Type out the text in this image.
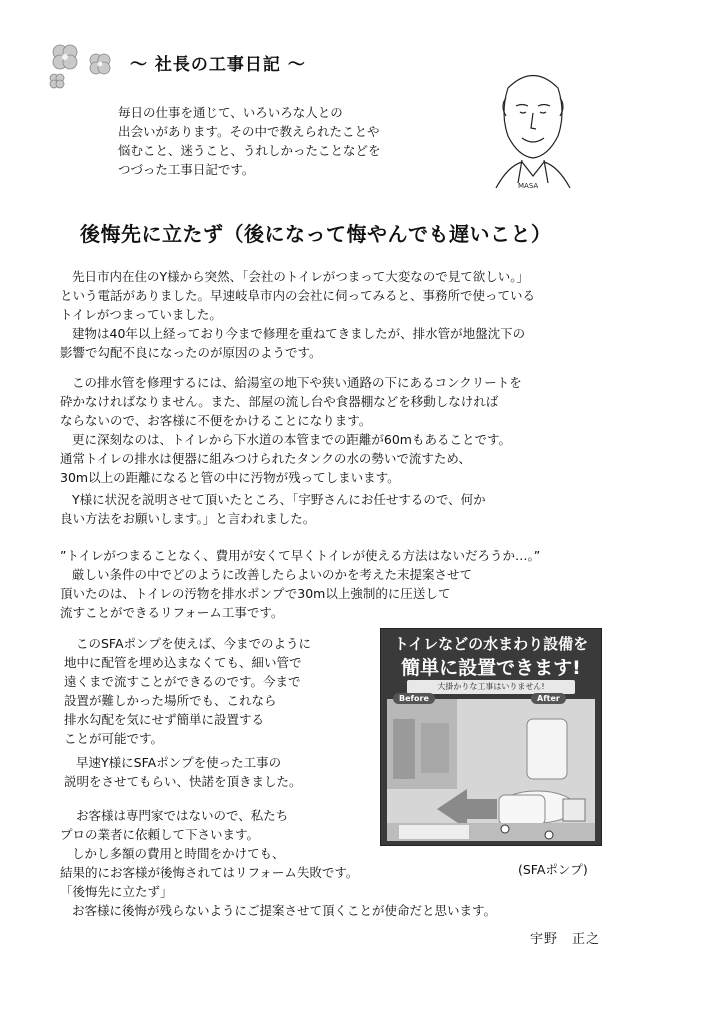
〜 社長の工事日記 〜
毎日の仕事を通じて、いろいろな人との
出会いがあります。その中で教えられたことや
悩むこと、迷うこと、うれしかったことなどを
つづった工事日記です。
MASA
後悔先に立たず（後になって悔やんでも遅いこと）
先日市内在住のY様から突然、「会社のトイレがつまって大変なので見て欲しい。」
という電話がありました。早速岐阜市内の会社に伺ってみると、事務所で使っている
トイレがつまっていました。
建物は40年以上経っており今まで修理を重ねてきましたが、排水管が地盤沈下の
影響で勾配不良になったのが原因のようです。
この排水管を修理するには、給湯室の地下や狭い通路の下にあるコンクリートを
砕かなければなりません。また、部屋の流し台や食器棚などを移動しなければ
ならないので、お客様に不便をかけることになります。
更に深刻なのは、トイレから下水道の本管までの距離が60mもあることです。
通常トイレの排水は便器に組みつけられたタンクの水の勢いで流すため、
30m以上の距離になると管の中に汚物が残ってしまいます。
Y様に状況を説明させて頂いたところ、「宇野さんにお任せするので、何か
良い方法をお願いします。」と言われました。
”トイレがつまることなく、費用が安くて早くトイレが使える方法はないだろうか…。”
厳しい条件の中でどのように改善したらよいのかを考えた末提案させて
頂いたのは、トイレの汚物を排水ポンプで30m以上強制的に圧送して
流すことができるリフォーム工事です。
このSFAポンプを使えば、今までのように
地中に配管を埋め込まなくても、細い管で
遠くまで流すことができるのです。今まで
設置が難しかった場所でも、これなら
排水勾配を気にせず簡単に設置する
ことが可能です。
早速Y様にSFAポンプを使った工事の
説明をさせてもらい、快諾を頂きました。
お客様は専門家ではないので、私たち
プロの業者に依頼して下さいます。
しかし多額の費用と時間をかけても、
結果的にお客様が後悔されてはリフォーム失敗です。
「後悔先に立たず」
お客様に後悔が残らないようにご提案させて頂くことが使命だと思います。
トイレなどの水まわり設備を
簡単に設置できます!
大掛かりな工事はいりません!
Before	After
(SFAポンプ)
宇野　正之
